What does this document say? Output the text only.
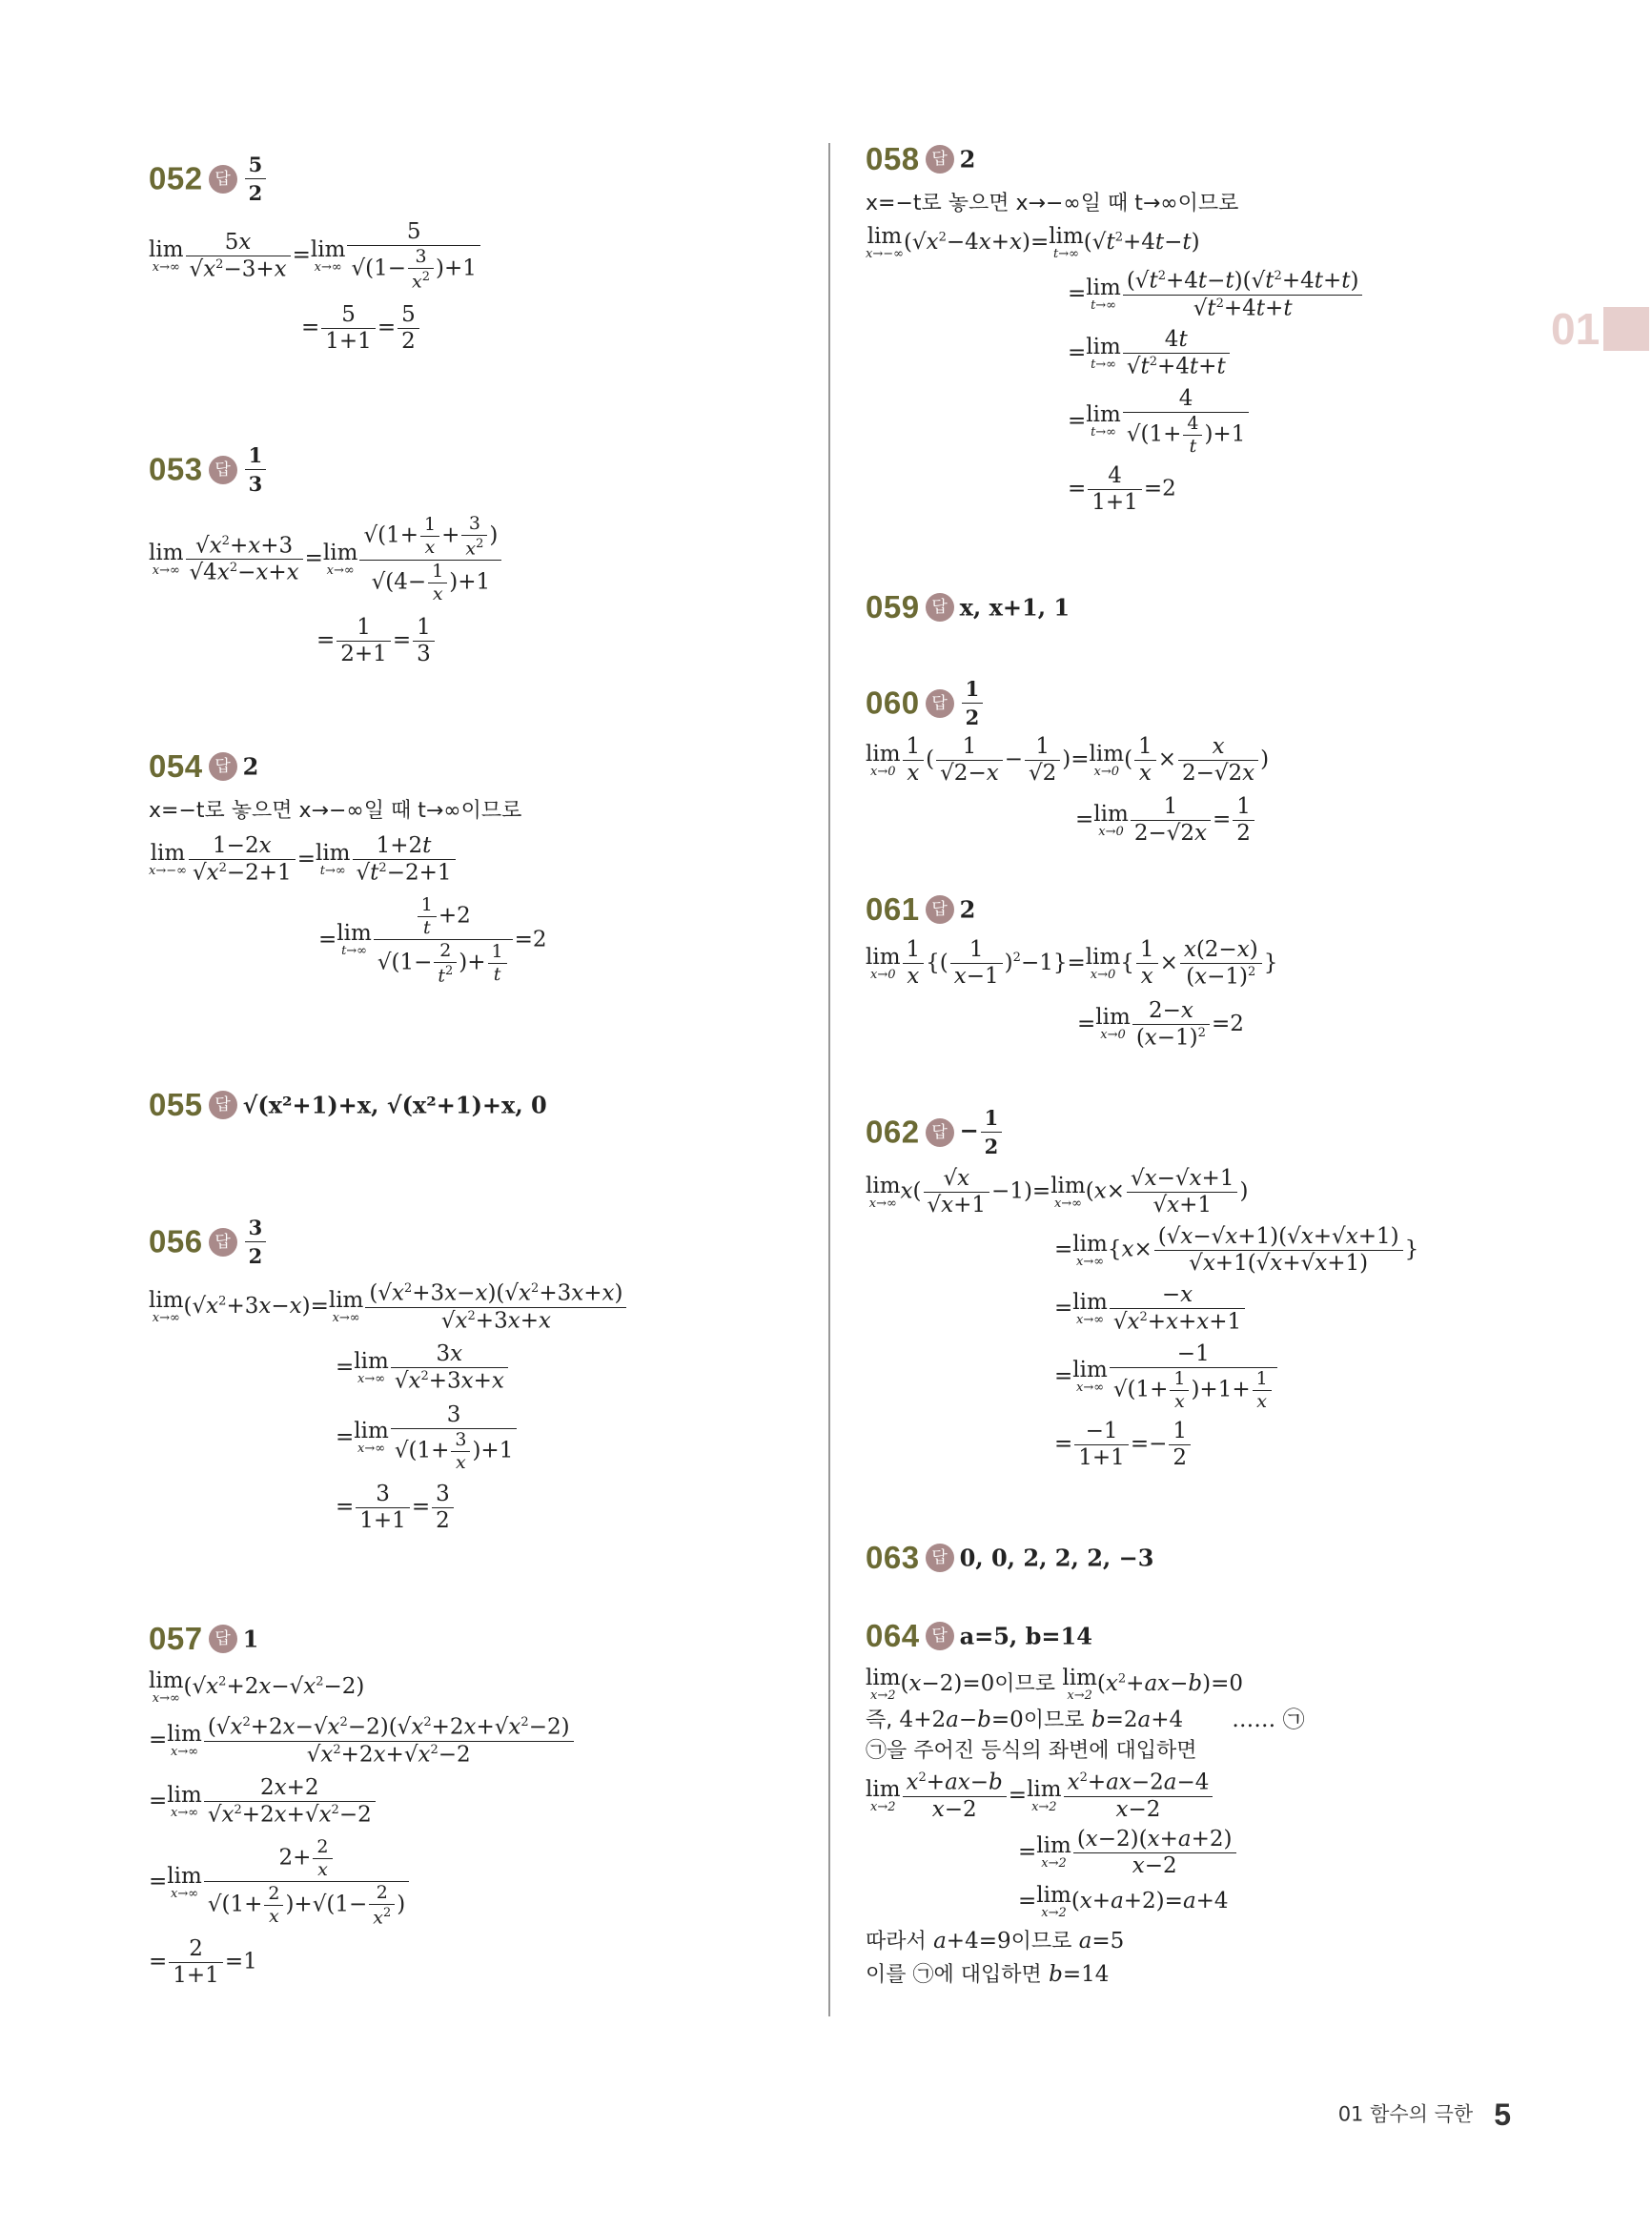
01
052 답 $\frac{5}{2}$
lim
$x\to\infty \frac{5x}{√x^2-3+x} = \lim$
$x\to\infty \frac{5}{√(1- \frac{3}{x^2} )+1}$
= $\frac{5}{1+1} = \frac{5}{2}$
053 답 $\frac{1}{3}$
lim
$x\to\infty \frac{√x^2+x+3}{√4x^2-x+x} = \lim$
$x\to\infty \frac{√(1+ \frac{1}{x} + \frac{3}{x^2} )}{√(4- \frac{1}{x} )+1}$
= $\frac{1}{2+1} = \frac{1}{3}$
054 답 2
x=−t로 놓으면 x→−∞일 때 t→∞이므로
lim
$x\to-\infty \frac{1-2x}{√x^2-2+1} = \lim$
$t\to\infty \frac{1+2t}{√t^2-2+1}$
= lim
$t\to\infty \frac{\frac{1}{t} +2}{√(1- \frac{2}{t^2} )+ \frac{1}{t}} =2$
055 답 √(x²+1)+x, √(x²+1)+x, 0
056 답 $\frac{3}{2}$
lim
x→∞ $(√x^2+3x-x)= \lim$
$x\to\infty \frac{(√x^2+3x-x)(√x^2+3x+x)}{√x^2+3x+x}$
= lim
$x\to\infty \frac{3x}{√x^2+3x+x}$
= lim
$x\to\infty \frac{3}{√(1+ \frac{3}{x} )+1}$
= $\frac{3}{1+1} = \frac{3}{2}$
057 답 1
lim
x→∞ $(√x^2+2x-√x^2-2)$
= lim
$x\to\infty \frac{(√x^2+2x-√x^2-2)(√x^2+2x+√x^2-2)}{√x^2+2x+√x^2-2}$
= lim
$x\to\infty \frac{2x+2}{√x^2+2x+√x^2-2}$
= lim
$x\to\infty \frac{2+ \frac{2}{x}}{√(1+ \frac{2}{x} )+√(1- \frac{2}{x^2} )}$
= $\frac{2}{1+1} =1$
058 답 2
x=−t로 놓으면 x→−∞일 때 t→∞이므로
lim
x→−∞ $(√x^2-4x+x)= \lim$
t→∞ $(√t^2+4t-t)$
= lim
$t\to\infty \frac{(√t^2+4t-t)(√t^2+4t+t)}{√t^2+4t+t}$
= lim
$t\to\infty \frac{4t}{√t^2+4t+t}$
= lim
$t\to\infty \frac{4}{√(1+ \frac{4}{t} )+1}$
= $\frac{4}{1+1} =2$
059 답 x, x+1, 1
060 답 $\frac{1}{2}$
lim
$x\to 0 \frac{1}{x}$ ( $\frac{1}{√2-x} - \frac{1}{√2}$ )= lim
x→0 ( $\frac{1}{x} \times \frac{x}{2-√2x}$ )
= lim
$x\to 0 \frac{1}{2-√2x} = \frac{1}{2}$
061 답 2
lim
$x\to 0 \frac{1}{x}$ {( $\frac{1}{x-1} )^2-1\}= \lim$
x→0 { $\frac{1}{x} \times \frac{x(2-x)}{(x-1)^2}$ }
= lim
$x\to 0 \frac{2-x}{(x-1)^2} =2$
062 답 − $\frac{1}{2}$
lim
x→∞ $x( \frac{√x}{√x+1} -1)= \lim$
x→∞ ($x\times \frac{√x-√x+1}{√x+1}$ )
= lim
x→∞ {$x\times \frac{(√x-√x+1)(√x+√x+1)}{√x+1(√x+√x+1)}$ }
= lim
$x\to\infty \frac{-x}{√x^2+x+x+1}$
= lim
$x\to\infty \frac{-1}{√(1+ \frac{1}{x} )+1+ \frac{1}{x}}$
= $\frac{-1}{1+1} =- \frac{1}{2}$
063 답 0, 0, 2, 2, 2, −3
064 답 a=5, b=14
lim
x→2 (x−2)=0이므로 lim
x→2 $(x^2+ax-b)=0$
즉, 4+2a−b=0이므로 b=2a+4       …… ㉠
㉠을 주어진 등식의 좌변에 대입하면
lim
$x\to 2 \frac{x^2+ax-b}{x-2} = \lim$
$x\to 2 \frac{x^2+ax-2a-4}{x-2}$
= lim
$x\to 2 \frac{(x-2)(x+a+2)}{x-2}$
= lim
x→2 (x+a+2)=a+4
따라서 a+4=9이므로 a=5
이를 ㉠에 대입하면 b=14
01 함수의 극한 5
